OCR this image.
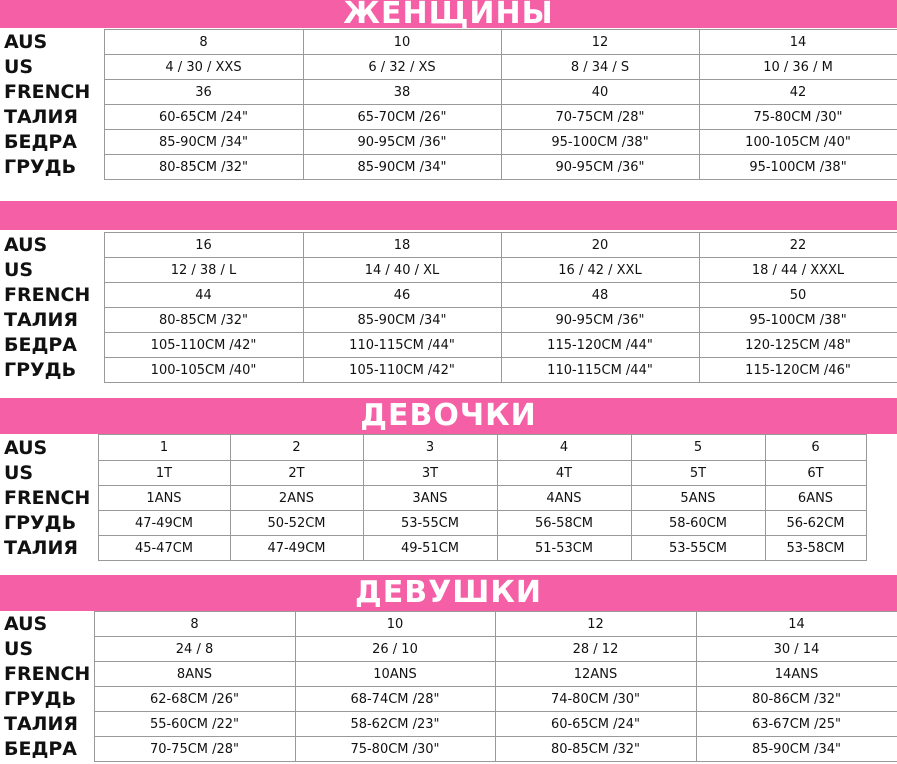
ЖЕНЩИНЫ
AUS	8	10	12	14
US	4 / 30 / XXS	6 / 32 / XS	8 / 34 / S	10 / 36 / M
FRENCH	36	38	40	42
ТАЛИЯ	60-65CM /24"	65-70CM /26"	70-75CM /28"	75-80CM /30"
БЕДРА	85-90CM /34"	90-95CM /36"	95-100CM /38"	100-105CM /40"
ГРУДЬ	80-85CM /32"	85-90CM /34"	90-95CM /36"	95-100CM /38"
AUS	16	18	20	22
US	12 / 38 / L	14 / 40 / XL	16 / 42 / XXL	18 / 44 / XXXL
FRENCH	44	46	48	50
ТАЛИЯ	80-85CM /32"	85-90CM /34"	90-95CM /36"	95-100CM /38"
БЕДРА	105-110CM /42"	110-115CM /44"	115-120CM /44"	120-125CM /48"
ГРУДЬ	100-105CM /40"	105-110CM /42"	110-115CM /44"	115-120CM /46"
ДЕВОЧКИ
AUS	1	2	3	4	5	6
US	1T	2T	3T	4T	5T	6T
FRENCH	1ANS	2ANS	3ANS	4ANS	5ANS	6ANS
ГРУДЬ	47-49CM	50-52CM	53-55CM	56-58CM	58-60CM	56-62CM
ТАЛИЯ	45-47CM	47-49CM	49-51CM	51-53CM	53-55CM	53-58CM
ДЕВУШКИ
AUS	8	10	12	14
US	24 / 8	26 / 10	28 / 12	30 / 14
FRENCH	8ANS	10ANS	12ANS	14ANS
ГРУДЬ	62-68CM /26"	68-74CM /28"	74-80CM /30"	80-86CM /32"
ТАЛИЯ	55-60CM /22"	58-62CM /23"	60-65CM /24"	63-67CM /25"
БЕДРА	70-75CM /28"	75-80CM /30"	80-85CM /32"	85-90CM /34"
